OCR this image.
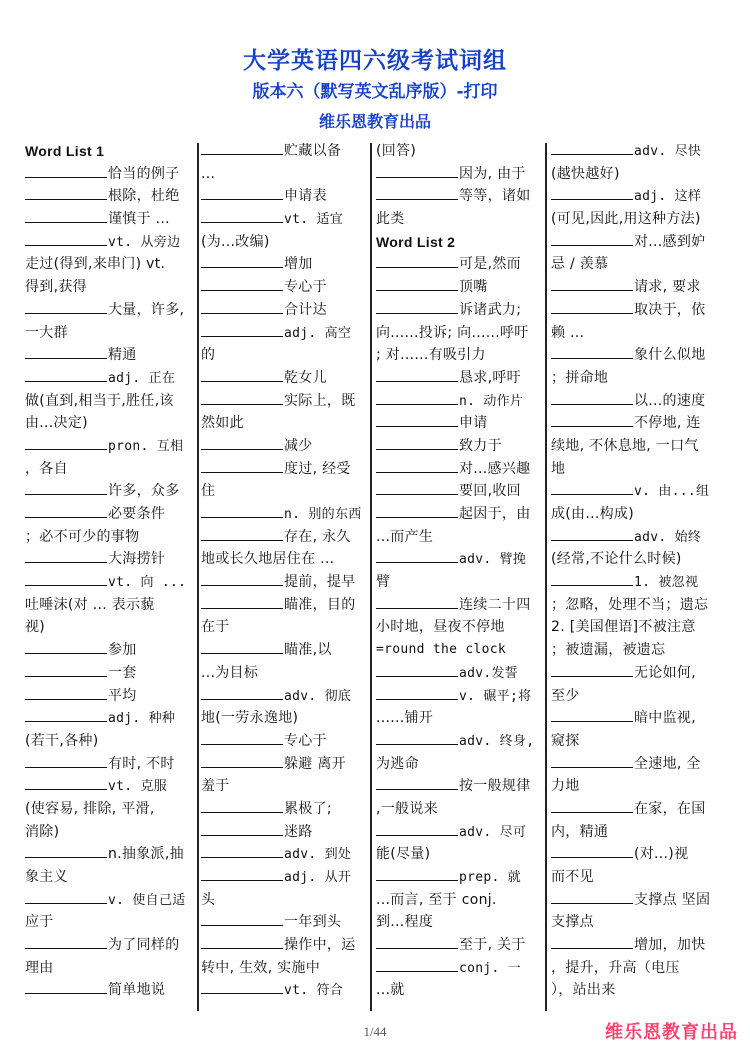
大学英语四六级考试词组
版本六（默写英文乱序版）-打印
维乐恩教育出品
Word List 1
恰当的例子
根除，杜绝
谨慎于 ...
vt. 从旁边
走过(得到,来串门) vt.
得到,获得
大量，许多,
一大群
精通
adj. 正在
做(直到,相当于,胜任,该
由...决定)
pron. 互相
，各自
许多，众多
必要条件
；必不可少的事物
大海捞针
vt. 向 ...
吐唾沫(对 ... 表示藐
视)
参加
一套
平均
adj. 种种
(若干,各种)
有时, 不时
vt. 克服
(使容易, 排除, 平滑,
消除)
n.抽象派,抽
象主义
v. 使自己适
应于
为了同样的
理由
简单地说
贮藏以备
...
申请表
vt. 适宜
(为...改编)
增加
专心于
合计达
adj. 高空
的
乾女儿
实际上，既
然如此
减少
度过, 经受
住
n. 别的东西
存在, 永久
地或长久地居住在 ...
提前，提早
瞄准，目的
在于
瞄准,以
...为目标
adv. 彻底
地(一劳永逸地)
专心于
躲避 离开
羞于
累极了;
迷路
adv. 到处
adj. 从开
头
一年到头
操作中，运
转中, 生效, 实施中
vt. 符合
(回答)
因为, 由于
等等，诸如
此类
Word List 2
可是,然而
顶嘴
诉诸武力;
向......投诉; 向......呼吁
; 对......有吸引力
恳求,呼吁
n. 动作片
申请
致力于
对...感兴趣
要回,收回
起因于，由
...而产生
adv. 臂挽
臂
连续二十四
小时地，昼夜不停地
=round the clock
adv.发誓
v. 碾平;将
......铺开
adv. 终身,
为逃命
按一般规律
,一般说来
adv. 尽可
能(尽量)
prep. 就
...而言, 至于 conj.
到...程度
至于, 关于
conj. 一
...就
adv. 尽快
(越快越好)
adj. 这样
(可见,因此,用这种方法)
对...感到妒
忌 / 羡慕
请求, 要求
取决于，依
赖 ...
象什么似地
；拼命地
以...的速度
不停地, 连
续地, 不休息地, 一口气
地
v. 由...组
成(由...构成)
adv. 始终
(经常,不论什么时候)
1. 被忽视
；忽略，处理不当；遗忘
2. [美国俚语]不被注意
；被遗漏，被遗忘
无论如何,
至少
暗中监视,
窥探
全速地, 全
力地
在家，在国
内，精通
(对...)视
而不见
支撑点 坚固
支撑点
增加，加快
，提升，升高（电压
），站出来
1/44	维乐恩教育出品
